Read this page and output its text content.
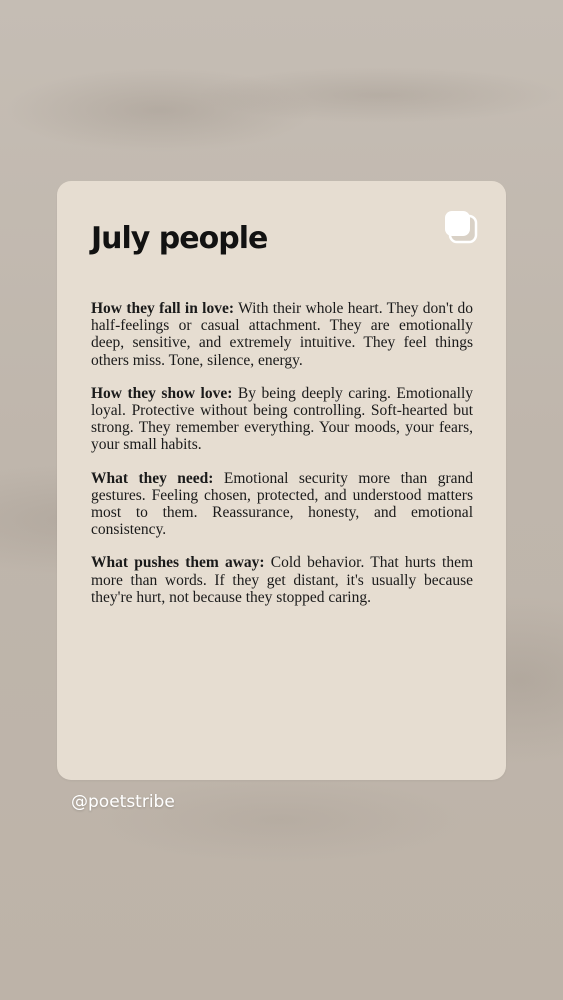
July people

How they fall in love: With their whole heart. They don't do half-feelings or casual attachment. They are emotionally deep, sensitive, and extremely intuitive. They feel things others miss. Tone, silence, energy.

How they show love: By being deeply caring. Emotionally loyal. Protective without being controlling. Soft-hearted but strong. They remember everything. Your moods, your fears, your small habits.

What they need: Emotional security more than grand gestures. Feeling chosen, protected, and understood matters most to them. Reassurance, honesty, and emotional consistency.

What pushes them away: Cold behavior. That hurts them more than words. If they get distant, it's usually because they're hurt, not because they stopped caring.

@poetstribe
